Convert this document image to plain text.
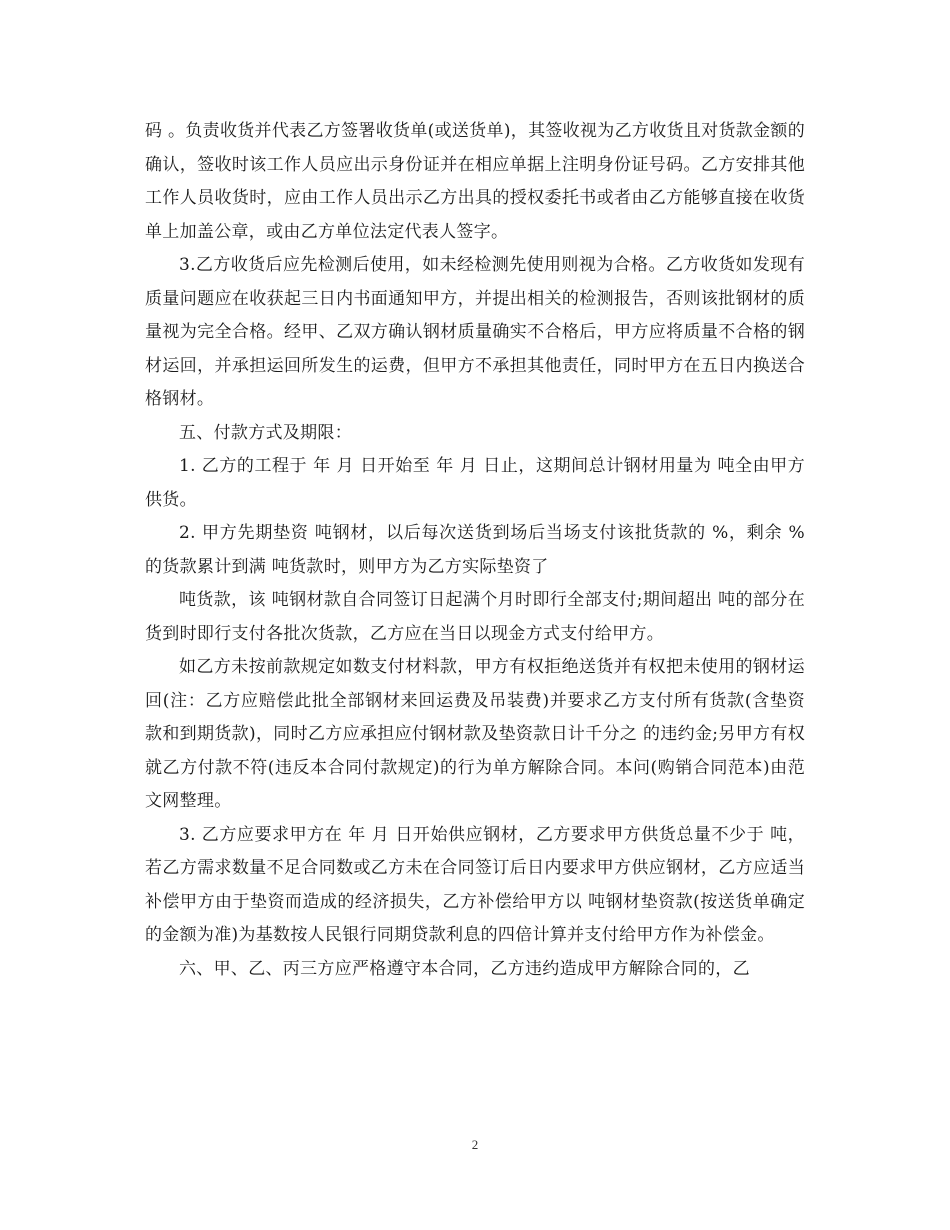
码 。负责收货并代表乙方签署收货单(或送货单)，其签收视为乙方收货且对货款金额的确认，签收时该工作人员应出示身份证并在相应单据上注明身份证号码。乙方安排其他工作人员收货时，应由工作人员出示乙方出具的授权委托书或者由乙方能够直接在收货单上加盖公章，或由乙方单位法定代表人签字。

3.乙方收货后应先检测后使用，如未经检测先使用则视为合格。乙方收货如发现有质量问题应在收获起三日内书面通知甲方，并提出相关的检测报告，否则该批钢材的质量视为完全合格。经甲、乙双方确认钢材质量确实不合格后，甲方应将质量不合格的钢材运回，并承担运回所发生的运费，但甲方不承担其他责任，同时甲方在五日内换送合格钢材。

五、付款方式及期限：

1. 乙方的工程于 年 月 日开始至 年 月 日止，这期间总计钢材用量为 吨全由甲方供货。

2. 甲方先期垫资 吨钢材，以后每次送货到场后当场支付该批货款的 %，剩余 %的货款累计到满 吨货款时，则甲方为乙方实际垫资了

吨货款，该 吨钢材款自合同签订日起满个月时即行全部支付;期间超出 吨的部分在货到时即行支付各批次货款，乙方应在当日以现金方式支付给甲方。

如乙方未按前款规定如数支付材料款，甲方有权拒绝送货并有权把未使用的钢材运回(注：乙方应赔偿此批全部钢材来回运费及吊装费)并要求乙方支付所有货款(含垫资款和到期货款)，同时乙方应承担应付钢材款及垫资款日计千分之 的违约金;另甲方有权就乙方付款不符(违反本合同付款规定)的行为单方解除合同。本问(购销合同范本)由范文网整理。

3. 乙方应要求甲方在 年 月 日开始供应钢材，乙方要求甲方供货总量不少于 吨，若乙方需求数量不足合同数或乙方未在合同签订后日内要求甲方供应钢材，乙方应适当补偿甲方由于垫资而造成的经济损失，乙方补偿给甲方以 吨钢材垫资款(按送货单确定的金额为准)为基数按人民银行同期贷款利息的四倍计算并支付给甲方作为补偿金。

六、甲、乙、丙三方应严格遵守本合同，乙方违约造成甲方解除合同的，乙

2
